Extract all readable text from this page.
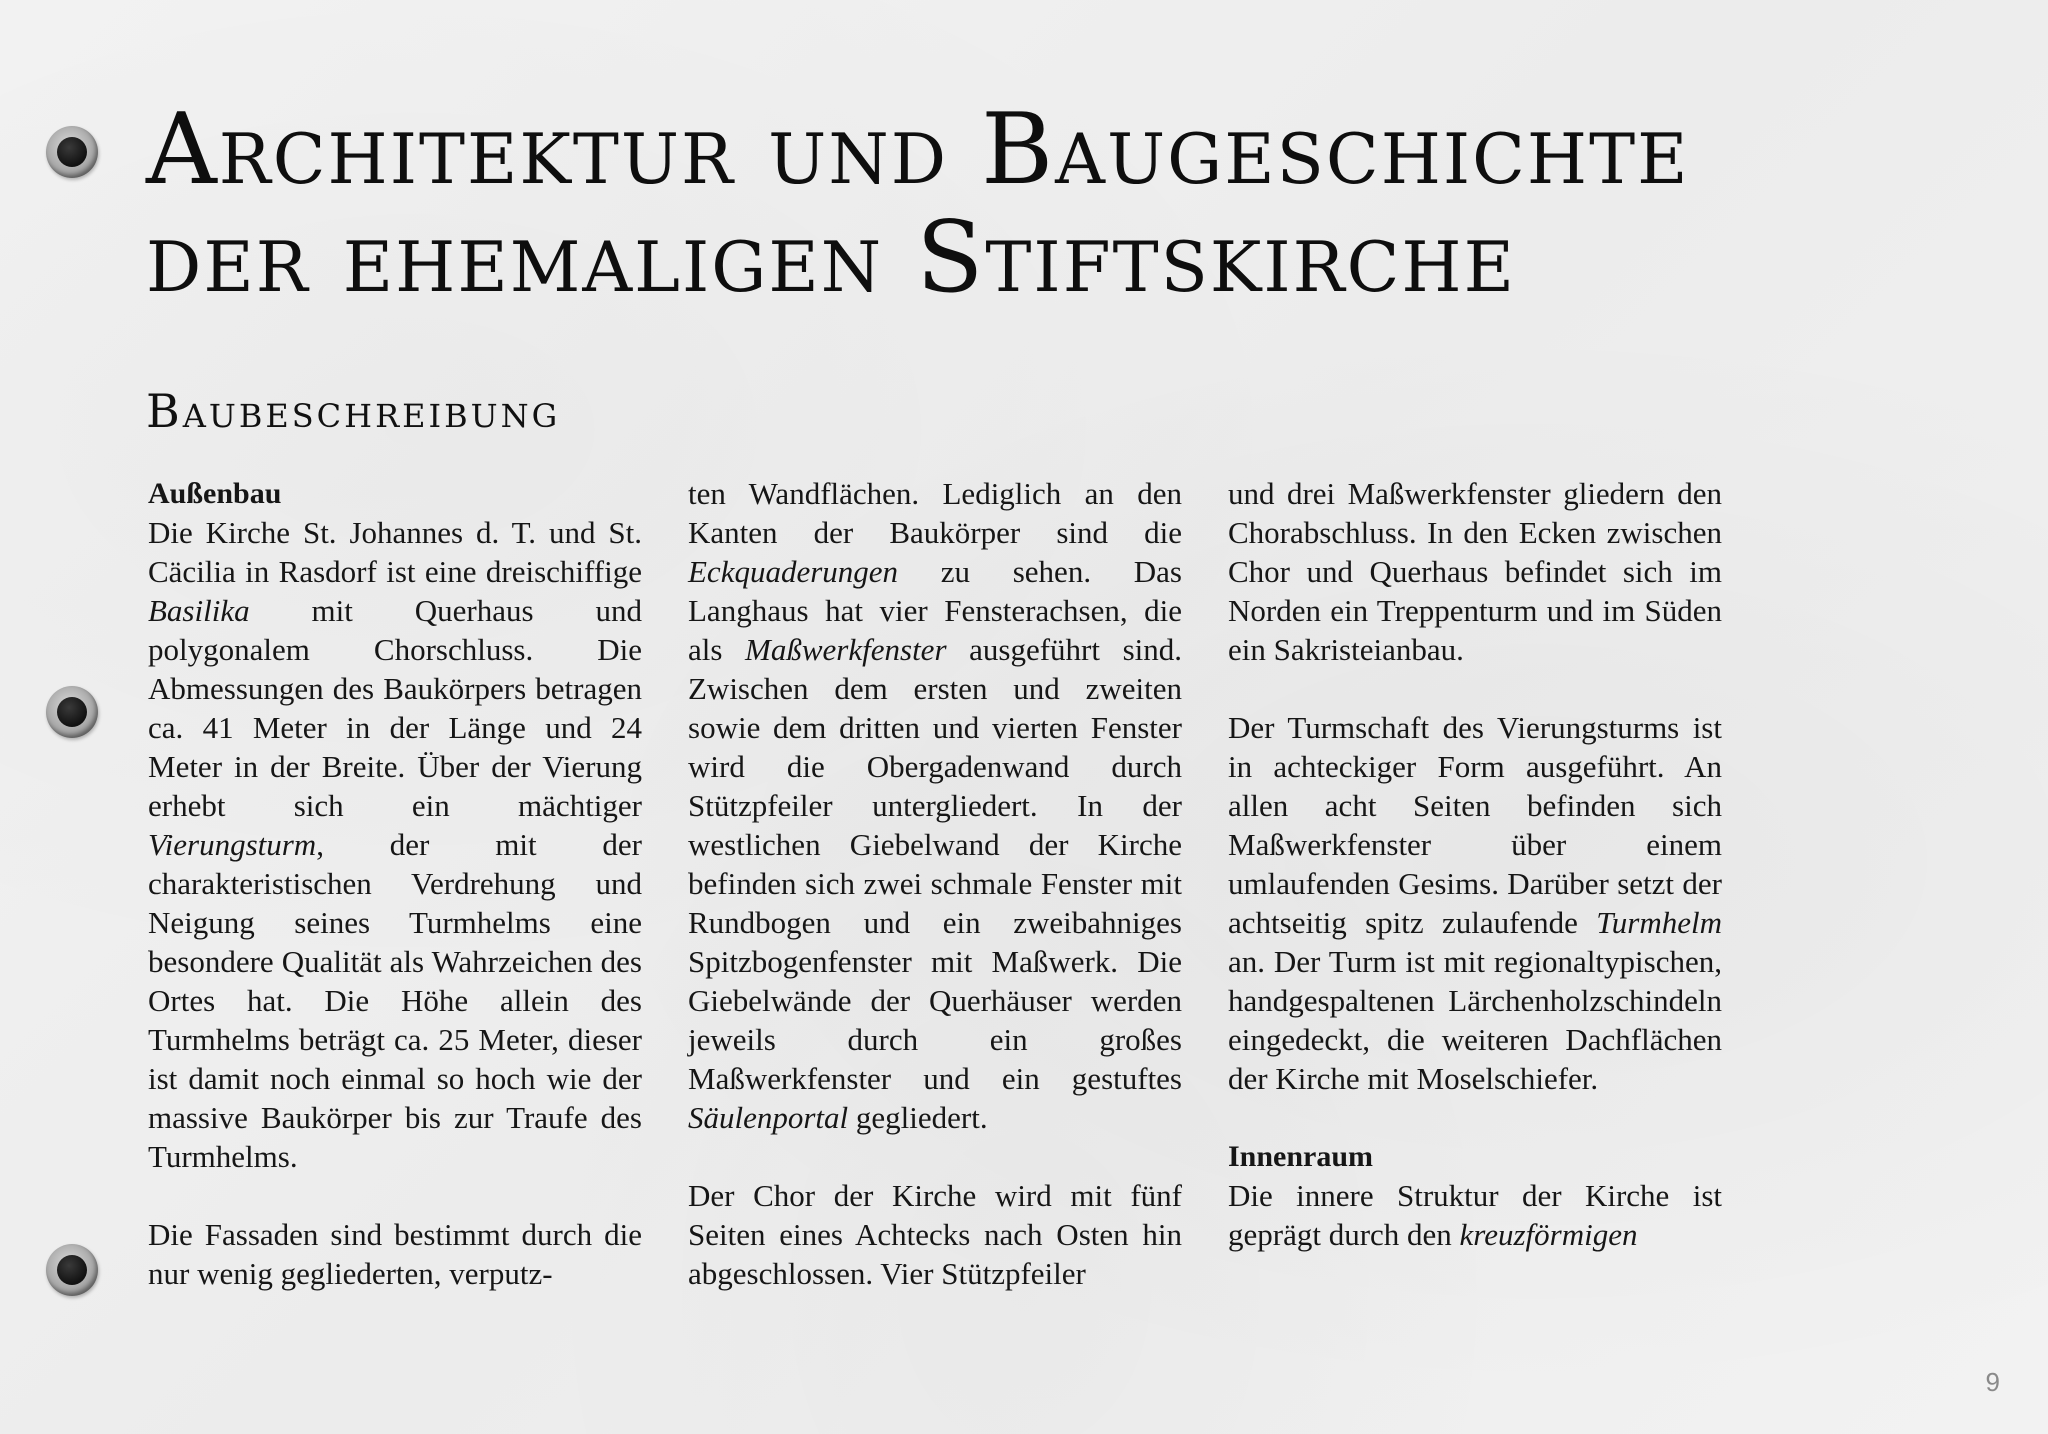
Architektur und Baugeschichte
der ehemaligen Stiftskirche
Baubeschreibung
Außenbau

Die Kirche St. Johannes d. T. und St. Cäcilia in Rasdorf ist eine dreischiffige Basilika mit Querhaus und polygonalem Chorschluss. Die Abmessungen des Baukörpers betragen ca. 41 Meter in der Länge und 24 Meter in der Breite. Über der Vierung erhebt sich ein mächtiger Vierungsturm, der mit der charakteristischen Verdrehung und Neigung seines Turmhelms eine besondere Qualität als Wahrzeichen des Ortes hat. Die Höhe allein des Turmhelms beträgt ca. 25 Meter, dieser ist damit noch einmal so hoch wie der massive Baukörper bis zur Traufe des Turmhelms.

Die Fassaden sind bestimmt durch die nur wenig gegliederten, verputz-

ten Wandflächen. Lediglich an den Kanten der Baukörper sind die Eckquaderungen zu sehen. Das Langhaus hat vier Fensterachsen, die als Maßwerkfenster ausgeführt sind. Zwischen dem ersten und zweiten sowie dem dritten und vierten Fenster wird die Obergadenwand durch Stützpfeiler untergliedert. In der westlichen Giebelwand der Kirche befinden sich zwei schmale Fenster mit Rundbogen und ein zweibahniges Spitzbogenfenster mit Maßwerk. Die Giebelwände der Querhäuser werden jeweils durch ein großes Maßwerkfenster und ein gestuftes Säulenportal gegliedert.

Der Chor der Kirche wird mit fünf Seiten eines Achtecks nach Osten hin abgeschlossen. Vier Stützpfeiler

und drei Maßwerkfenster gliedern den Chorabschluss. In den Ecken zwischen Chor und Querhaus befindet sich im Norden ein Treppenturm und im Süden ein Sakristeianbau.

Der Turmschaft des Vierungsturms ist in achteckiger Form ausgeführt. An allen acht Seiten befinden sich Maßwerkfenster über einem umlaufenden Gesims. Darüber setzt der achtseitig spitz zulaufende Turmhelm an. Der Turm ist mit regionaltypischen, handgespaltenen Lärchenholzschindeln eingedeckt, die weiteren Dachflächen der Kirche mit Moselschiefer.

Innenraum

Die innere Struktur der Kirche ist geprägt durch den kreuzförmigen

9
